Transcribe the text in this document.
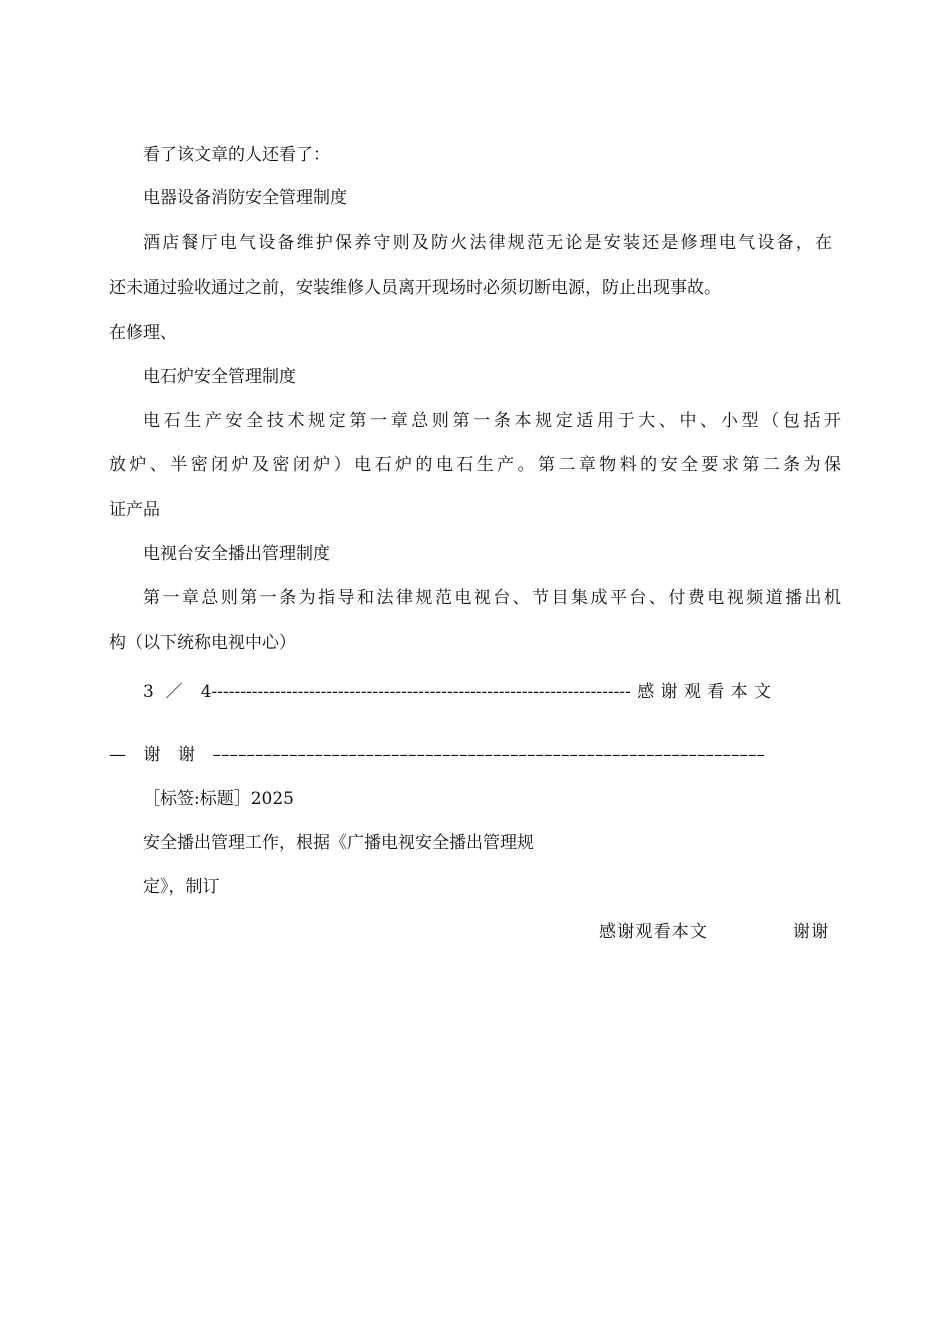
看了该文章的人还看了：
电器设备消防安全管理制度
酒店餐厅电气设备维护保养守则及防火法律规范无论是安装还是修理电气设备，在
还未通过验收通过之前，安装维修人员离开现场时必须切断电源，防止出现事故。
在修理、
电石炉安全管理制度
电石生产安全技术规定第一章总则第一条本规定适用于大、中、小型（包括开
放炉、半密闭炉及密闭炉）电石炉的电石生产。第二章物料的安全要求第二条为保
证产品
电视台安全播出管理制度
第一章总则第一条为指导和法律规范电视台、节目集成平台、付费电视频道播出机
构（以下统称电视中心）
3 ／ 4-------------------------------------------------------------------------感谢观看本文
—谢谢–––––––––––––––––––––––––––––––––––––––––––––––––––––––––––––––––
［标签:标题］2025
安全播出管理工作，根据《广播电视安全播出管理规
定》，制订
感谢观看本文	谢谢
